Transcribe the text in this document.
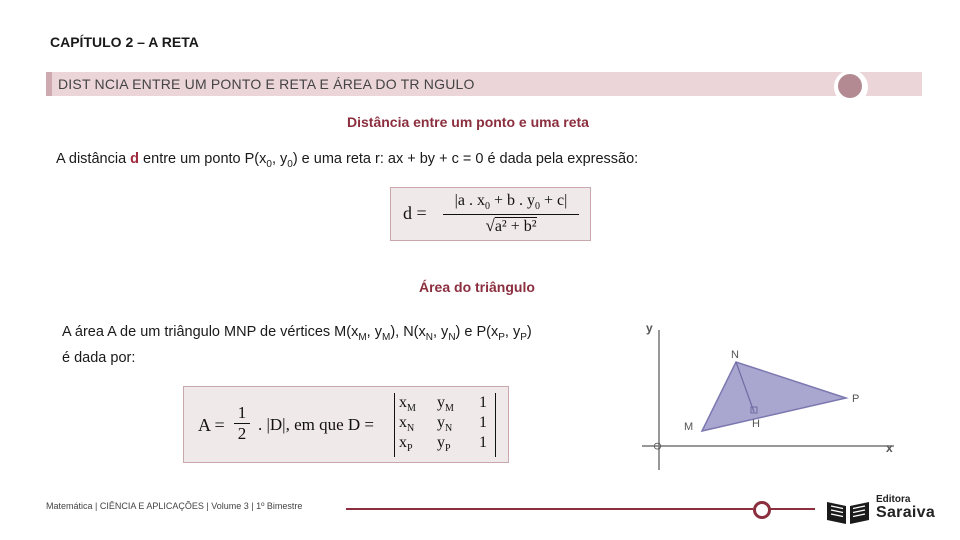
CAPÍTULO 2 – A RETA
DIST NCIA ENTRE UM PONTO E RETA E ÁREA DO TR NGULO
Distância entre um ponto e uma reta
A distância d entre um ponto $P(x_0$, $y_0$) e uma reta r: ax + by + c = 0 é dada pela expressão:
$d = \frac{|a . x_0 + b . y_0 + c|}{\text{√a² + b²}}$
Área do triângulo
A área A de um triângulo MNP de vértices $M(x_M$, $y_M$), $N(x_N$, $y_N$) e $P(x_P$, $y_P$)
é dada por:
$A = \frac{1}{2}$ . |D|, em que D =
$x_M$ $y_M$ 1
$x_N$ $y_N$ 1
$x_P$ $y_P$ 1
y
x
O
N
M
P
H
Matemática | CIÊNCIA E APLICAÇÕES | Volume 3 | 1º Bimestre
Editora
Saraiva
